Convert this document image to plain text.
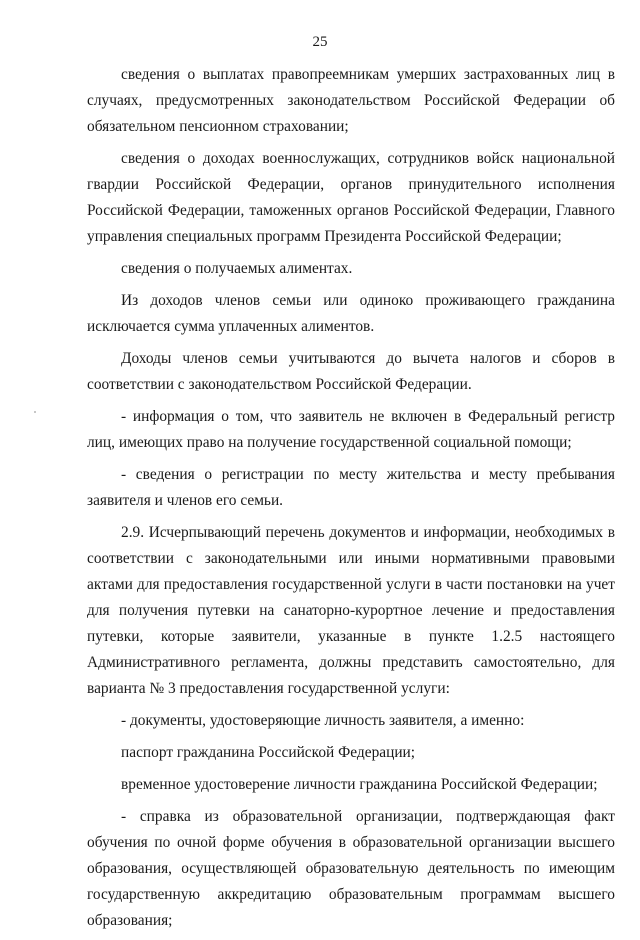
25

сведения о выплатах правопреемникам умерших застрахованных лиц в случаях, предусмотренных законодательством Российской Федерации об обязательном пенсионном страховании;

сведения о доходах военнослужащих, сотрудников войск национальной гвардии Российской Федерации, органов принудительного исполнения Российской Федерации, таможенных органов Российской Федерации, Главного управления специальных программ Президента Российской Федерации;

сведения о получаемых алиментах.

Из доходов членов семьи или одиноко проживающего гражданина исключается сумма уплаченных алиментов.

Доходы членов семьи учитываются до вычета налогов и сборов в соответствии с законодательством Российской Федерации.

- информация о том, что заявитель не включен в Федеральный регистр лиц, имеющих право на получение государственной социальной помощи;

- сведения о регистрации по месту жительства и месту пребывания заявителя и членов его семьи.

2.9. Исчерпывающий перечень документов и информации, необходимых в соответствии с законодательными или иными нормативными правовыми актами для предоставления государственной услуги в части постановки на учет для получения путевки на санаторно-курортное лечение и предоставления путевки, которые заявители, указанные в пункте 1.2.5 настоящего Административного регламента, должны представить самостоятельно, для варианта № 3 предоставления государственной услуги:

- документы, удостоверяющие личность заявителя, а именно:

паспорт гражданина Российской Федерации;

временное удостоверение личности гражданина Российской Федерации;

- справка из образовательной организации, подтверждающая факт обучения по очной форме обучения в образовательной организации высшего образования, осуществляющей образовательную деятельность по имеющим государственную аккредитацию образовательным программам высшего образования;
